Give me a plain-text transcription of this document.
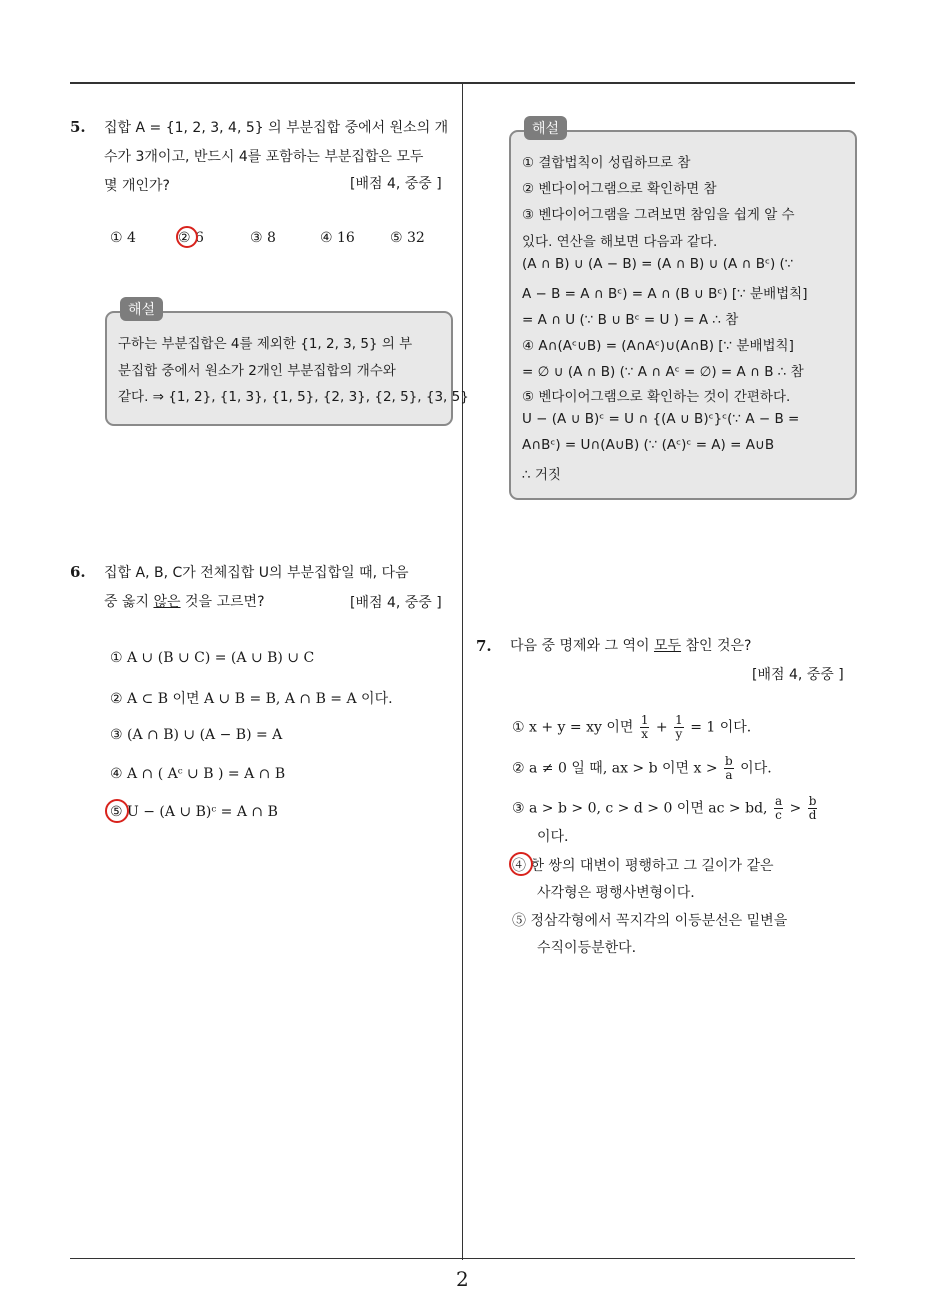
5. 집합 A = {1, 2, 3, 4, 5} 의 부분집합 중에서 원소의 개
수가 3개이고, 반드시 4를 포함하는 부분집합은 모두
몇 개인가?	[배점 4, 중중 ]
① 4	② 6	③ 8	④ 16	⑤ 32
해설
구하는 부분집합은 4를 제외한 {1, 2, 3, 5} 의 부
분집합 중에서 원소가 2개인 부분집합의 개수와
같다. ⇒ {1, 2}, {1, 3}, {1, 5}, {2, 3}, {2, 5}, {3, 5}
6. 집합 A, B, C가 전체집합 U의 부분집합일 때, 다음
중 옳지 않은 것을 고르면?	[배점 4, 중중 ]
① A ∪ (B ∪ C) = (A ∪ B) ∪ C
② A ⊂ B 이면 A ∪ B = B, A ∩ B = A 이다.
③ (A ∩ B) ∪ (A − B) = A
④ A ∩ ( Aᶜ ∪ B ) = A ∩ B
⑤ U − (A ∪ B)ᶜ = A ∩ B
해설
① 결합법칙이 성립하므로 참
② 벤다이어그램으로 확인하면 참
③ 벤다이어그램을 그려보면 참임을 쉽게 알 수
있다. 연산을 해보면 다음과 같다.
(A ∩ B) ∪ (A − B) = (A ∩ B) ∪ (A ∩ Bᶜ) (∵
A − B = A ∩ Bᶜ) = A ∩ (B ∪ Bᶜ) [∵ 분배법칙]
= A ∩ U (∵ B ∪ Bᶜ = U ) = A ∴ 참
④ A∩(Aᶜ∪B) = (A∩Aᶜ)∪(A∩B) [∵ 분배법칙]
= ∅ ∪ (A ∩ B) (∵ A ∩ Aᶜ = ∅) = A ∩ B ∴ 참
⑤ 벤다이어그램으로 확인하는 것이 간편하다.
U − (A ∪ B)ᶜ = U ∩ {(A ∪ B)ᶜ}ᶜ(∵ A − B =
A∩Bᶜ) = U∩(A∪B) (∵ (Aᶜ)ᶜ = A) = A∪B
∴ 거짓
7. 다음 중 명제와 그 역이 모두 참인 것은?
[배점 4, 중중 ]
① x + y = xy 이면 $\frac{1}{x} + \frac{1}{y} = 1$ 이다.
② a ≠ 0 일 때, ax > b 이면 $x > \frac{b}{a}$ 이다.
③ a > b > 0, c > d > 0 이면 ac > bd, $\frac{a}{c} > \frac{b}{d}$
이다.
④ 한 쌍의 대변이 평행하고 그 길이가 같은
사각형은 평행사변형이다.
⑤ 정삼각형에서 꼭지각의 이등분선은 밑변을
수직이등분한다.
2
